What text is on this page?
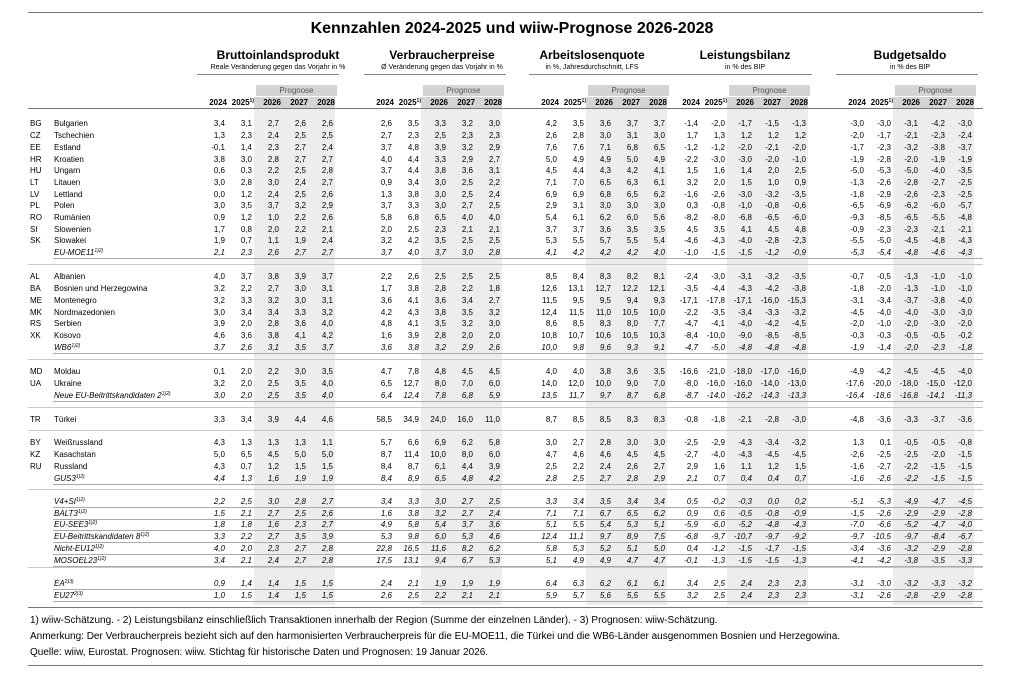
Kennzahlen 2024-2025 und wiiw-Prognose 2026-2028
Bruttoinlandsprodukt
Reale Veränderung gegen das Vorjahr in %
Prognose
2024 2025$^{1)}$	2026	2027	2028
Verbraucherpreise
Ø Veränderung gegen das Vorjahr in %
Prognose
2024 2025$^{1)}$	2026	2027	2028
Arbeitslosenquote
in %, Jahresdurchschnitt, LFS
Prognose
2024 2025$^{1)}$	2026	2027	2028
Leistungsbilanz
in % des BIP
Prognose
2024 2025$^{1)}$	2026	2027	2028
Budgetsaldo
in % des BIP
Prognose
2024 2025$^{1)}$	2026	2027	2028
BG Bulgarien	3,4	3,1	2,7	2,6	2,6	2,6	3,5	3,3	3,2	3,0	4,2	3,5	3,6	3,7	3,7	-1,4	-2,0	-1,7	-1,5	-1,3	-3,0	-3,0	-3,1	-4,2	-3,0
CZ Tschechien	1,3	2,3	2,4	2,5	2,5	2,7	2,3	2,5	2,3	2,3	2,6	2,8	3,0	3,1	3,0	1,7	1,3	1,2	1,2	1,2	-2,0	-1,7	-2,1	-2,3	-2,4
EE Estland	-0,1	1,4	2,3	2,7	2,4	3,7	4,8	3,9	3,2	2,9	7,6	7,6	7,1	6,8	6,5	-1,2	-1,2	-2,0	-2,1	-2,0	-1,7	-2,3	-3,2	-3,8	-3,7
HR Kroatien	3,8	3,0	2,8	2,7	2,7	4,0	4,4	3,3	2,9	2,7	5,0	4,9	4,9	5,0	4,9	-2,2	-3,0	-3,0	-2,0	-1,0	-1,9	-2,8	-2,0	-1,9	-1,9
HU Ungarn	0,6	0,3	2,2	2,5	2,8	3,7	4,4	3,8	3,6	3,1	4,5	4,4	4,3	4,2	4,1	1,5	1,6	1,4	2,0	2,5	-5,0	-5,3	-5,0	-4,0	-3,5
LT Litauen	3,0	2,8	3,0	2,4	2,7	0,9	3,4	3,0	2,5	2,2	7,1	7,0	6,5	6,3	6,1	3,2	2,0	1,5	1,0	0,9	-1,3	-2,6	-2,8	-2,7	-2,5
LV Lettland	0,0	1,2	2,4	2,5	2,6	1,3	3,8	3,0	2,5	2,4	6,9	6,9	6,8	6,5	6,2	-1,6	-2,6	-3,0	-3,2	-3,5	-1,8	-2,9	-2,6	-2,3	-2,5
PL Polen	3,0	3,5	3,7	3,2	2,9	3,7	3,3	3,0	2,7	2,5	2,9	3,1	3,0	3,0	3,0	0,3	-0,8	-1,0	-0,8	-0,6	-6,5	-6,9	-6,2	-6,0	-5,7
RO Rumänien	0,9	1,2	1,0	2,2	2,6	5,8	6,8	6,5	4,0	4,0	5,4	6,1	6,2	6,0	5,6	-8,2	-8,0	-6,8	-6,5	-6,0	-9,3	-8,5	-6,5	-5,5	-4,8
SI Slowenien	1,7	0,8	2,0	2,2	2,1	2,0	2,5	2,3	2,1	2,1	3,7	3,7	3,6	3,5	3,5	4,5	3,5	4,1	4,5	4,8	-0,9	-2,3	-2,3	-2,1	-2,1
SK Slowakei	1,9	0,7	1,1	1,9	2,4	3,2	4,2	3,5	2,5	2,5	5,3	5,5	5,7	5,5	5,4	-4,6	-4,3	-4,0	-2,8	-2,3	-5,5	-5,0	-4,5	-4,8	-4,3
$EU-MOE11^{1)2)}$	2,1	2,3	2,6	2,7	2,7	3,7	4,0	3,7	3,0	2,8	4,1	4,2	4,2	4,2	4,0	-1,0	-1,5	-1,5	-1,2	-0,9	-5,3	-5,4	-4,8	-4,6	-4,3
AL Albanien	4,0	3,7	3,8	3,9	3,7	2,2	2,6	2,5	2,5	2,5	8,5	8,4	8,3	8,2	8,1	-2,4	-3,0	-3,1	-3,2	-3,5	-0,7	-0,5	-1,3	-1,0	-1,0
BA Bosnien und Herzegowina	3,2	2,2	2,7	3,0	3,1	1,7	3,8	2,8	2,2	1,8	12,6	13,1	12,7	12,2	12,1	-3,5	-4,4	-4,3	-4,2	-3,8	-1,8	-2,0	-1,3	-1,0	-1,0
ME Montenegro	3,2	3,3	3,2	3,0	3,1	3,6	4,1	3,6	3,4	2,7	11,5	9,5	9,5	9,4	9,3	-17,1	-17,8	-17,1	-16,0	-15,3	-3,1	-3,4	-3,7	-3,8	-4,0
MK Nordmazedonien	3,0	3,4	3,4	3,3	3,2	4,2	4,3	3,8	3,5	3,2	12,4	11,5	11,0	10,5	10,0	-2,2	-3,5	-3,4	-3,3	-3,2	-4,5	-4,0	-4,0	-3,0	-3,0
RS Serbien	3,9	2,0	2,8	3,6	4,0	4,8	4,1	3,5	3,2	3,0	8,6	8,5	8,3	8,0	7,7	-4,7	-4,1	-4,0	-4,2	-4,5	-2,0	-1,0	-2,0	-3,0	-2,0
XK Kosovo	4,6	3,6	3,8	4,1	4,2	1,6	3,9	2,8	2,0	2,0	10,8	10,7	10,6	10,5	10,3	-8,4	-10,0	-9,0	-8,5	-8,5	-0,3	-0,3	-0,5	-0,5	-0,2
$WB6^{1)2)}$	3,7	2,6	3,1	3,5	3,7	3,6	3,8	3,2	2,9	2,6	10,0	9,8	9,6	9,3	9,1	-4,7	-5,0	-4,8	-4,8	-4,8	-1,9	-1,4	-2,0	-2,3	-1,8
MD Moldau	0,1	2,0	2,2	3,0	3,5	4,7	7,8	4,8	4,5	4,5	4,0	4,0	3,8	3,6	3,5	-16,6	-21,0	-18,0	-17,0	-16,0	-4,9	-4,2	-4,5	-4,5	-4,0
UA Ukraine	3,2	2,0	2,5	3,5	4,0	6,5	12,7	8,0	7,0	6,0	14,0	12,0	10,0	9,0	7,0	-8,0	-16,0	-16,0	-14,0	-13,0	-17,6	-20,0	-18,0	-15,0	-12,0
Neue EU-Beitrittskandidaten $2^{1)2)}$	3,0	2,0	2,5	3,5	4,0	6,4	12,4	7,8	6,8	5,9	13,5	11,7	9,7	8,7	6,8	-8,7	-14,0	-16,2	-14,3	-13,3	-16,4	-18,6	-16,8	-14,1	-11,3
TR Türkei	3,3	3,4	3,9	4,4	4,6	58,5	34,9	24,0	16,0	11,0	8,7	8,5	8,5	8,3	8,3	-0,8	-1,8	-2,1	-2,8	-3,0	-4,8	-3,6	-3,3	-3,7	-3,6
BY Weißrussland	4,3	1,3	1,3	1,3	1,1	5,7	6,6	6,9	6,2	5,8	3,0	2,7	2,8	3,0	3,0	-2,5	-2,9	-4,3	-3,4	-3,2	1,3	0,1	-0,5	-0,5	-0,8
KZ Kasachstan	5,0	6,5	4,5	5,0	5,0	8,7	11,4	10,0	8,0	6,0	4,7	4,6	4,6	4,5	4,5	-2,7	-4,0	-4,3	-4,5	-4,5	-2,6	-2,5	-2,5	-2,0	-1,5
RU Russland	4,3	0,7	1,2	1,5	1,5	8,4	8,7	6,1	4,4	3,9	2,5	2,2	2,4	2,6	2,7	2,9	1,6	1,1	1,2	1,5	-1,6	-2,7	-2,2	-1,5	-1,5
$GUS3^{1)2)}$	4,4	1,3	1,6	1,9	1,9	8,4	8,9	6,5	4,8	4,2	2,8	2,5	2,7	2,8	2,9	2,1	0,7	0,4	0,4	0,7	-1,6	-2,6	-2,2	-1,5	-1,5
$V4+SI^{1)2)}$	2,2	2,5	3,0	2,8	2,7	3,4	3,3	3,0	2,7	2,5	3,3	3,4	3,5	3,4	3,4	0,5	-0,2	-0,3	0,0	0,2	-5,1	-5,3	-4,9	-4,7	-4,5
$BALT3^{1)2)}$	1,5	2,1	2,7	2,5	2,6	1,6	3,8	3,2	2,7	2,4	7,1	7,1	6,7	6,5	6,2	0,9	0,6	-0,5	-0,8	-0,9	-1,5	-2,6	-2,9	-2,9	-2,8
$EU-SEE3^{1)2)}$	1,8	1,8	1,6	2,3	2,7	4,9	5,8	5,4	3,7	3,6	5,1	5,5	5,4	5,3	5,1	-5,9	-6,0	-5,2	-4,8	-4,3	-7,0	-6,6	-5,2	-4,7	-4,0
EU-Beitrittskandidaten $8^{1)2)}$	3,3	2,2	2,7	3,5	3,9	5,3	9,8	6,0	5,3	4,6	12,4	11,1	9,7	8,9	7,5	-6,8	-9,7	-10,7	-9,7	-9,2	-9,7	-10,5	-9,7	-8,4	-6,7
Nicht-$EU12^{1)2)}$	4,0	2,0	2,3	2,7	2,8	22,8	16,5	11,6	8,2	6,2	5,8	5,3	5,2	5,1	5,0	0,4	-1,2	-1,5	-1,7	-1,5	-3,4	-3,6	-3,2	-2,9	-2,8
$MOSOEL23^{1)2)}$	3,4	2,1	2,4	2,7	2,8	17,5	13,1	9,4	6,7	5,3	5,1	4,9	4,9	4,7	4,7	-0,1	-1,3	-1,5	-1,5	-1,3	-4,1	-4,2	-3,8	-3,5	-3,3
$EA^{2)3)}$	0,9	1,4	1,4	1,5	1,5	2,4	2,1	1,9	1,9	1,9	6,4	6,3	6,2	6,1	6,1	3,4	2,5	2,4	2,3	2,3	-3,1	-3,0	-3,2	-3,3	-3,2
$EU27^{2)3)}$	1,0	1,5	1,4	1,5	1,5	2,6	2,5	2,2	2,1	2,1	5,9	5,7	5,6	5,5	5,5	3,2	2,5	2,4	2,3	2,3	-3,1	-2,6	-2,8	-2,9	-2,8
1) wiiw-Schätzung. - 2) Leistungsbilanz einschließlich Transaktionen innerhalb der Region (Summe der einzelnen Länder). - 3) Prognosen: wiiw-Schätzung.
Anmerkung: Der Verbraucherpreis bezieht sich auf den harmonisierten Verbraucherpreis für die EU-MOE11, die Türkei und die WB6-Länder ausgenommen Bosnien und Herzegowina.
Quelle: wiiw, Eurostat. Prognosen: wiiw. Stichtag für historische Daten und Prognosen: 19 Januar 2026.
